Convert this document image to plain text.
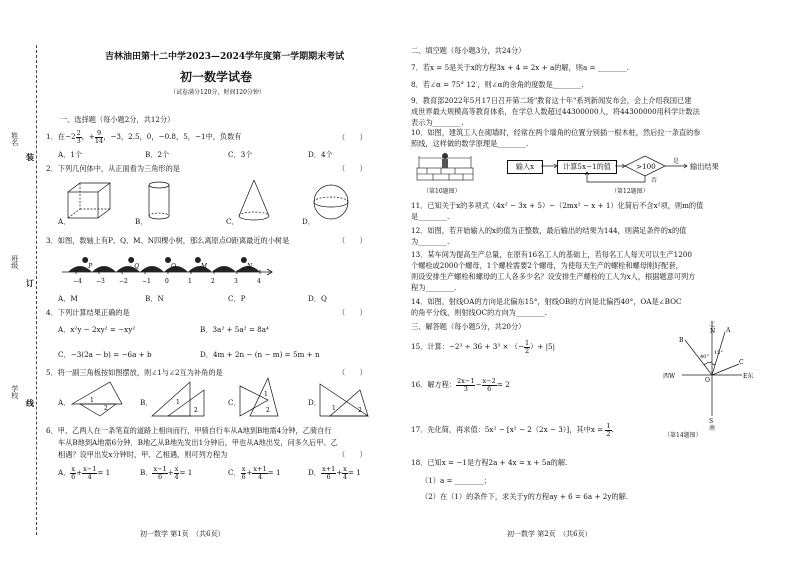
姓名
班级
学校
装
订
线
吉林油田第十二中学2023—2024学年度第一学期期末考试
初一数学试卷
（试卷满分120分，时间120分钟）
一、选择题（每小题2分，共12分）
1．在$-2 \frac{2}{3}$ ，+ $\frac{9}{14}$ ，−3，2.5，0，−0.8，5，−1中，负数有	（　　）
A．1个	B．2个	C．3个	D．4个
2．下列几何体中，从正面看为三角形的是	（　　）
A．	B．	C．	D．
3．如图，数轴上有P、Q、M、N四棵小树，那么离原点O距离最近的小树是	（　　）
−4 −3 −2 −1 0	1	2	3	4
P	Q	O	M	N
A．M	B．N	C．P	D．Q
4．下列计算结果正确的是	（　　）
A．x²y − 2xy² = −xy²	B．3a² + 5a² = 8a⁴
C．−3(2a − b) = −6a + b	D．4m + 2n − (n − m) = 5m + n
5．将一副三角板按如图摆放，则∠1与∠2互为补角的是	（　　）
A．	B．	C．	D．
1
2
1
2
1
2	1	2
6．甲、乙两人在一条笔直的道路上相向而行，甲骑自行车从A地到B地需4分钟，乙骑自行
车从B地到A地需6分钟．B地乙从B地先发出1分钟后，甲也从A地出发，问多久后甲、乙
相遇？设甲出发x分钟时，甲、乙相遇，则可列方程为	（　　）
A． $\frac{x}{6} + \frac{x-1}{4} = 1$	B． $\frac{x-1}{6} + \frac{x}{4} = 1$	C． $\frac{x}{6} + \frac{x+1}{4} = 1$	D． $\frac{x+1}{6} + \frac{x}{4} = 1$
初一数学 第1页　（共6页）
二、填空题（每小题3分，共24分）
7．若x = 5是关于x的方程3x + 4 = 2x + a的解，则a = ________.
8．若∠α = 75° 12′，则∠α的余角的度数是________.
9．教育部2022年5月17日召开第二场"教育这十年"系列新闻发布会，会上介绍我国已建
成世界最大规模高等教育体系，在学总人数超过44300000人，将44300000用科学计数法
表示为________.
10．如图，建筑工人在砌墙时，经常在两个墙角的位置分别插一根木桩，然后拉一条直的参
照线，这样做的数学原理是________.
（第10题图）
输入x	计算5x−1的值	>100
是
否
输出结果
（第12题图）
11．已知关于x的多项式（4x² − 3x + 5）−（2mx² − x + 1）化简后不含x²项，则m的值
是________.
12．如图，若开始输入的x的值为正整数，最后输出的结果为144，则满足条件的x的值
为________.
13．某车间为提高生产总量，在原有16名工人的基础上，若每名工人每天可以生产1200
个螺栓或2000个螺母，1个螺栓需要2个螺母，为使每天生产的螺栓和螺母刚好配套，
则设安排生产螺栓和螺母的工人各多少名？设安排生产螺栓的工人为x人，根据题意可列方
程为________.
14．如图，射线OA的方向是北偏东15°，射线OB的方向是北偏西40°，OA是∠BOC
的角平分线，则射线OC的方向为________.
三、解答题（每小题5分，共20分）
15．计算：−2³ ÷ 36 + 3³ × （− $\frac{1}{2}$ ）+ |5|
16．解方程： $\frac{2x-1}{3} - \frac{x-2}{6} = 2$
17．先化简，再求值：5x² − [x² − 2（2x − 3）]，其中$x = \frac{1}{2}$ .
18．已知x = −1是方程2a + 4x = x + 5a的解.
（1）a = ________；
（2）在（1）的条件下，求关于y的方程ay + 6 = 6a + 2y的解.
北
N
S
南
E东
西W
O
A
B
C
15°
40°
（第14题图）
初一数学 第2页　（共6页）
